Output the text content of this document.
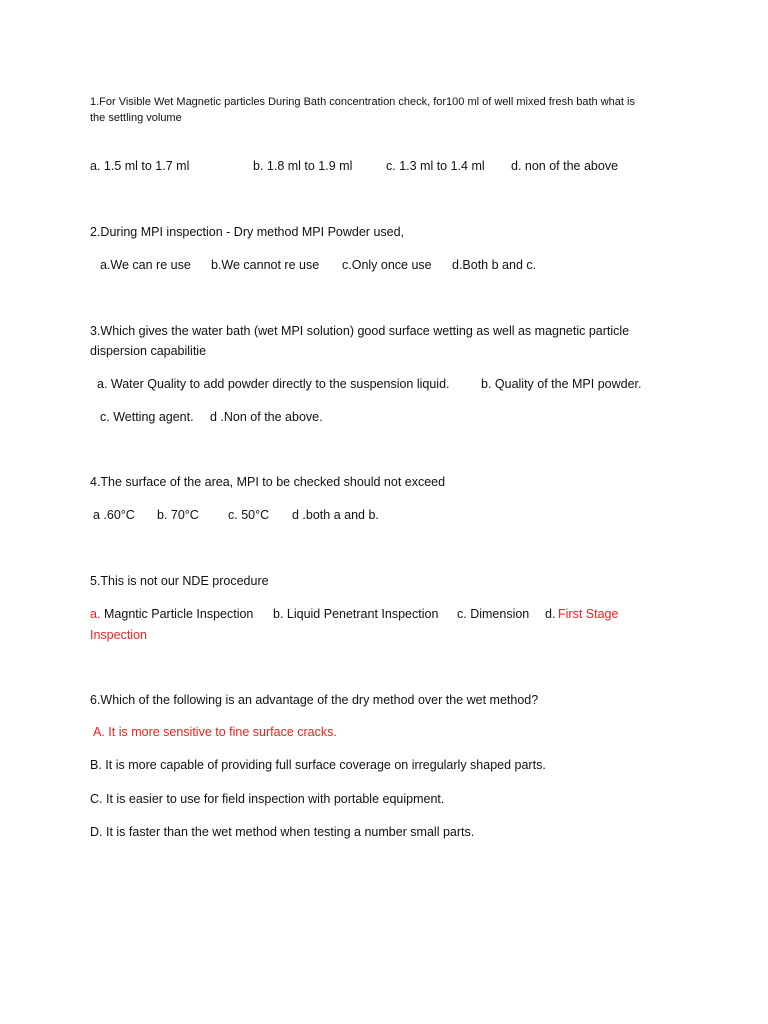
1.For Visible Wet Magnetic particles During Bath concentration check, for100 ml of well mixed fresh bath what is
the settling volume
a. 1.5 ml to 1.7 ml	b. 1.8 ml to 1.9 ml	c. 1.3 ml to 1.4 ml d. non of the above
2.During MPI inspection - Dry method MPI Powder used,
a.We can re use b.We cannot re use c.Only once use d.Both b and c.
3.Which gives the water bath (wet MPI solution) good surface wetting as well as magnetic particle
dispersion capabilitie
a. Water Quality to add powder directly to the suspension liquid.	b. Quality of the MPI powder.
c. Wetting agent. d .Non of the above.
4.The surface of the area, MPI to be checked should not exceed
a .60°C b. 70°C c. 50°C d .both a and b.
5.This is not our NDE procedure
a. Magntic Particle Inspection b. Liquid Penetrant Inspection c. Dimension d. First Stage
Inspection
6.Which of the following is an advantage of the dry method over the wet method?
A. It is more sensitive to fine surface cracks.
B. It is more capable of providing full surface coverage on irregularly shaped parts.
C. It is easier to use for field inspection with portable equipment.
D. It is faster than the wet method when testing a number small parts.
